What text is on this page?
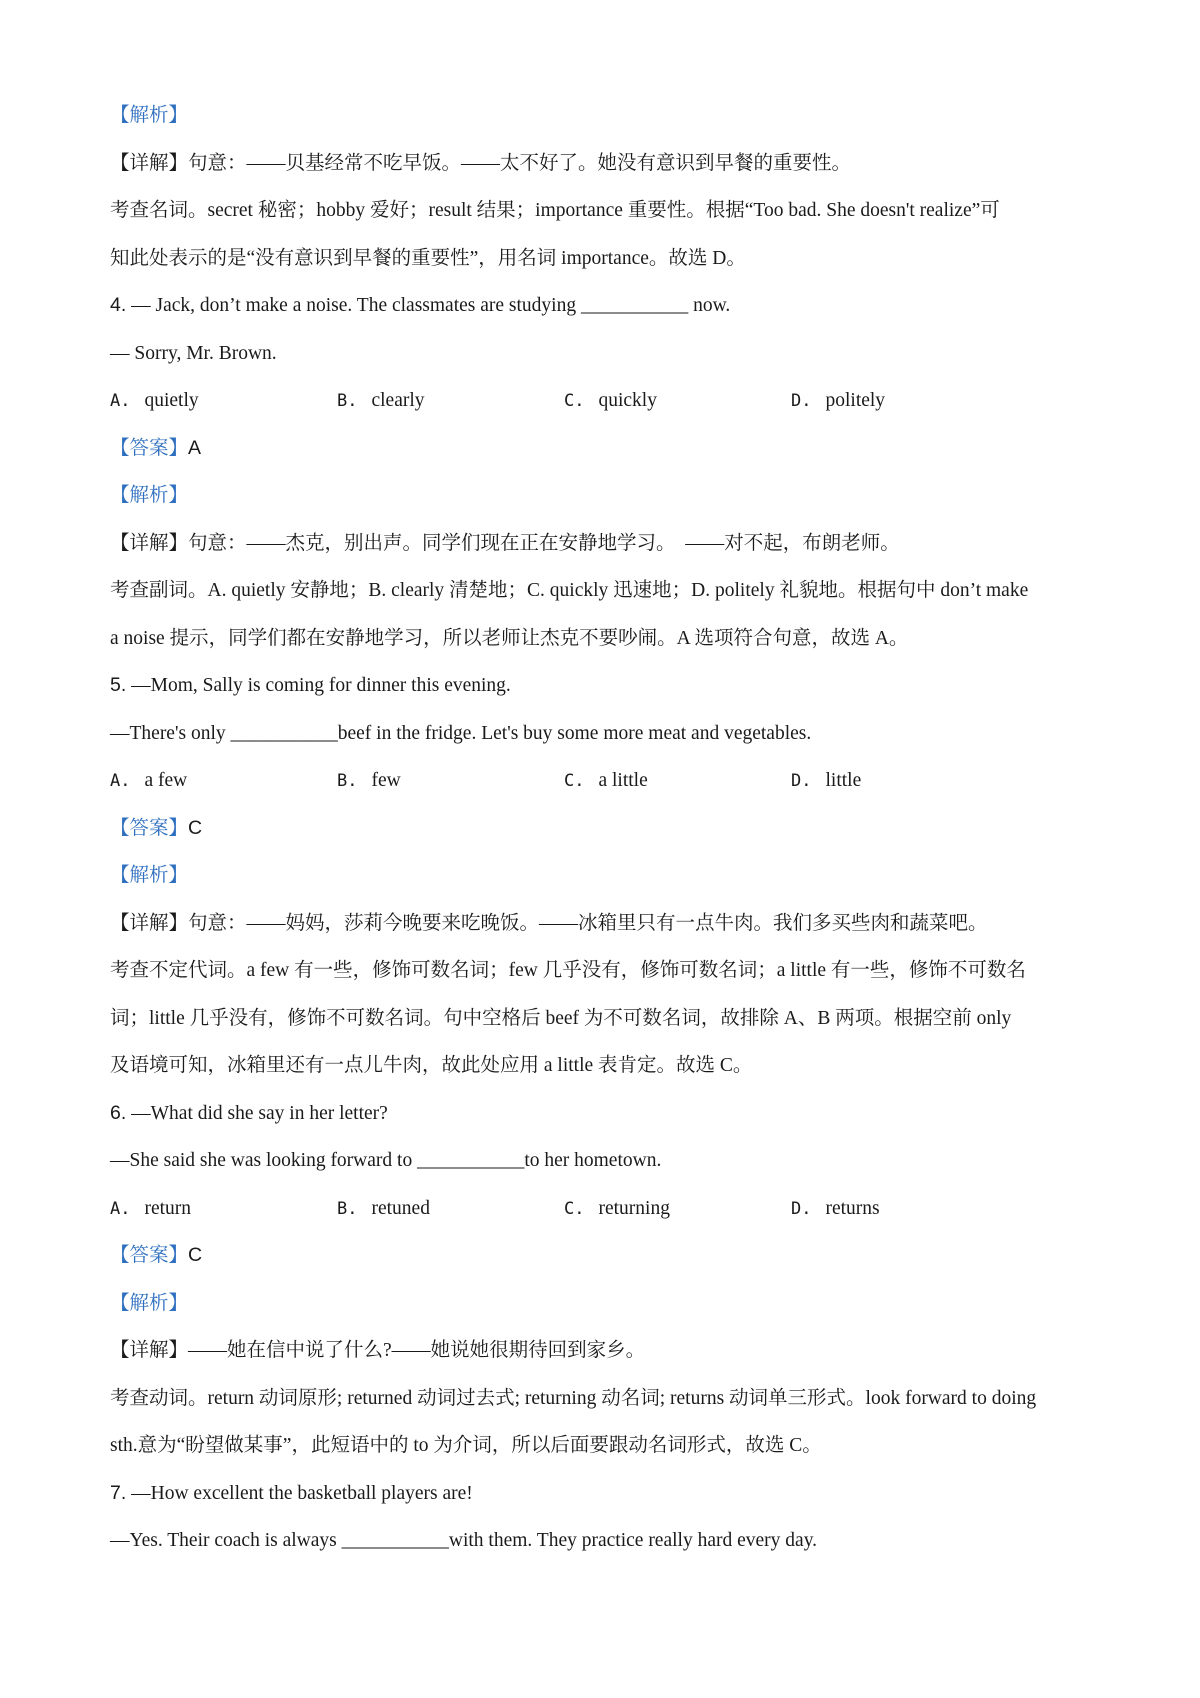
【解析】
【详解】句意：——贝基经常不吃早饭。——太不好了。她没有意识到早餐的重要性。
考查名词。secret 秘密；hobby 爱好；result 结果；importance 重要性。根据“Too bad. She doesn't realize”可
知此处表示的是“没有意识到早餐的重要性”，用名词 importance。故选 D。
4. — Jack, don’t make a noise. The classmates are studying ___________ now.
— Sorry, Mr. Brown.
A. quietly	B. clearly	C. quickly	D. politely
【答案】A
【解析】
【详解】句意：——杰克，别出声。同学们现在正在安静地学习。　——对不起，布朗老师。
考查副词。A. quietly 安静地；B. clearly 清楚地；C. quickly 迅速地；D. politely 礼貌地。根据句中 don’t make
a noise 提示，同学们都在安静地学习，所以老师让杰克不要吵闹。A 选项符合句意，故选 A。
5. —Mom, Sally is coming for dinner this evening.
—There's only ___________beef in the fridge. Let's buy some more meat and vegetables.
A. a few	B. few	C. a little	D. little
【答案】C
【解析】
【详解】句意：——妈妈，莎莉今晚要来吃晚饭。——冰箱里只有一点牛肉。我们多买些肉和蔬菜吧。
考查不定代词。a few 有一些，修饰可数名词；few 几乎没有，修饰可数名词；a little 有一些，修饰不可数名
词；little 几乎没有，修饰不可数名词。句中空格后 beef 为不可数名词，故排除 A、B 两项。根据空前 only
及语境可知，冰箱里还有一点儿牛肉，故此处应用 a little 表肯定。故选 C。
6. —What did she say in her letter?
—She said she was looking forward to ___________to her hometown.
A. return	B. retuned	C. returning	D. returns
【答案】C
【解析】
【详解】——她在信中说了什么?——她说她很期待回到家乡。
考查动词。return 动词原形; returned 动词过去式; returning 动名词; returns 动词单三形式。look forward to doing
sth.意为“盼望做某事”，此短语中的 to 为介词，所以后面要跟动名词形式，故选 C。
7. —How excellent the basketball players are!
—Yes. Their coach is always ___________with them. They practice really hard every day.
